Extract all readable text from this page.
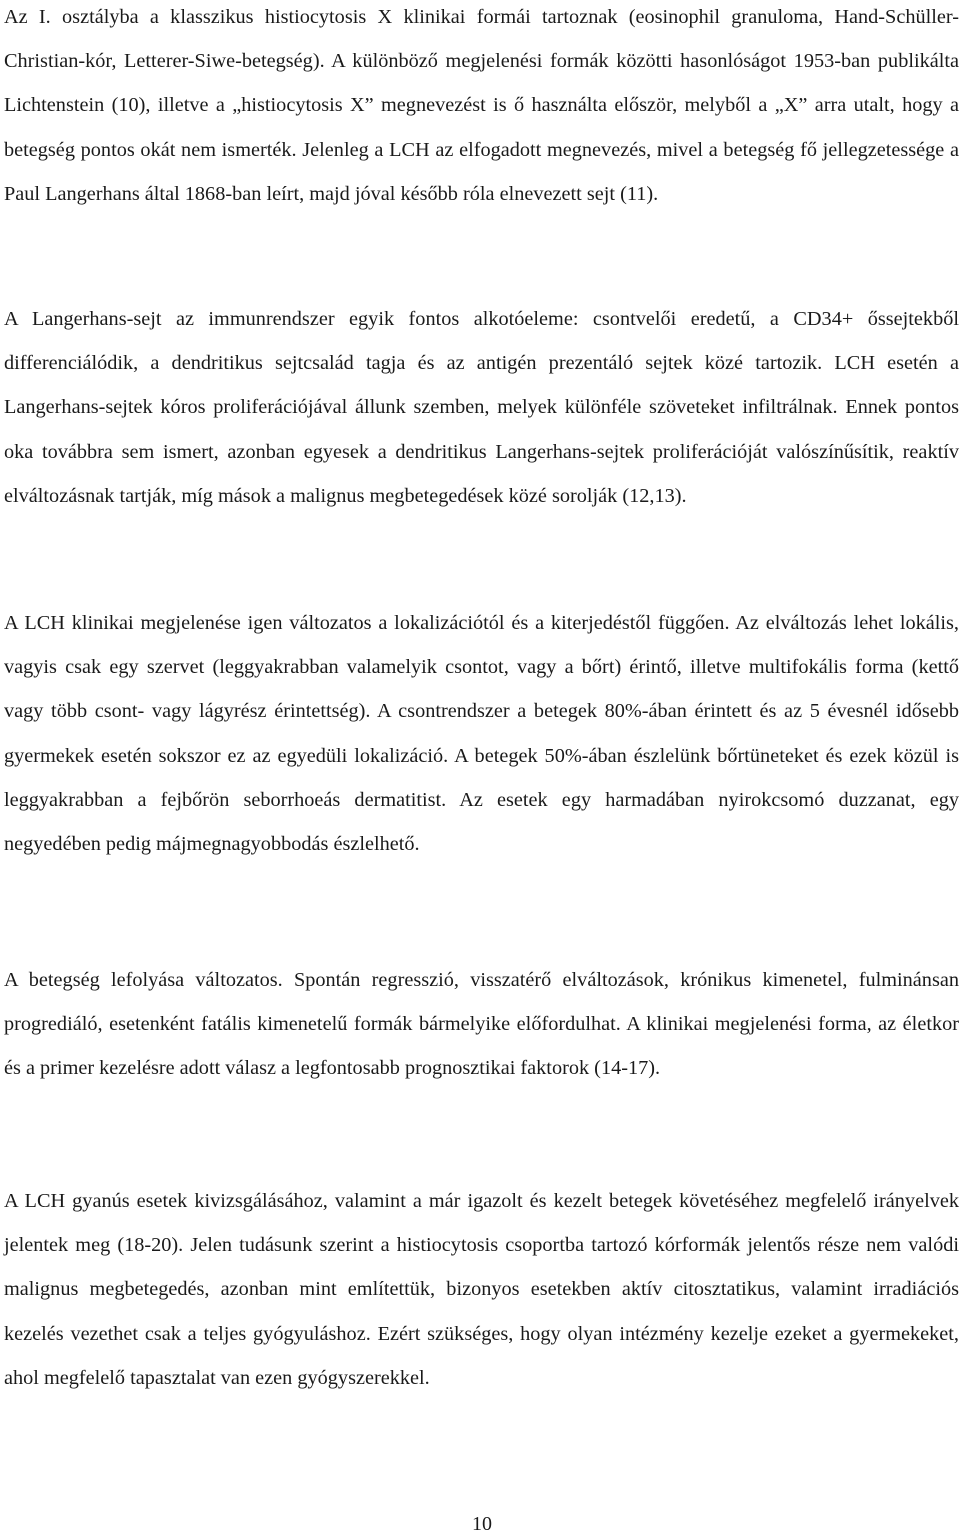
Az I. osztályba a klasszikus histiocytosis X klinikai formái tartoznak (eosinophil granuloma, Hand-Schüller-Christian-kór, Letterer-Siwe-betegség). A különböző megjelenési formák közötti hasonlóságot 1953-ban publikálta Lichtenstein (10), illetve a „histiocytosis X” megnevezést is ő használta először, melyből a „X” arra utalt, hogy a betegség pontos okát nem ismerték. Jelenleg a LCH az elfogadott megnevezés, mivel a betegség fő jellegzetessége a Paul Langerhans által 1868-ban leírt, majd jóval később róla elnevezett sejt (11).

A Langerhans-sejt az immunrendszer egyik fontos alkotóeleme: csontvelői eredetű, a CD34+ őssejtekből differenciálódik, a dendritikus sejtcsalád tagja és az antigén prezentáló sejtek közé tartozik. LCH esetén a Langerhans-sejtek kóros proliferációjával állunk szemben, melyek különféle szöveteket infiltrálnak. Ennek pontos oka továbbra sem ismert, azonban egyesek a dendritikus Langerhans-sejtek proliferációját valószínűsítik, reaktív elváltozásnak tartják, míg mások a malignus megbetegedések közé sorolják (12,13).

A LCH klinikai megjelenése igen változatos a lokalizációtól és a kiterjedéstől függően. Az elváltozás lehet lokális, vagyis csak egy szervet (leggyakrabban valamelyik csontot, vagy a bőrt) érintő, illetve multifokális forma (kettő vagy több csont- vagy lágyrész érintettség). A csontrendszer a betegek 80%-ában érintett és az 5 évesnél idősebb gyermekek esetén sokszor ez az egyedüli lokalizáció. A betegek 50%-ában észlelünk bőrtüneteket és ezek közül is leggyakrabban a fejbőrön seborrhoeás dermatitist. Az esetek egy harmadában nyirokcsomó duzzanat, egy negyedében pedig májmegnagyobbodás észlelhető.

A betegség lefolyása változatos. Spontán regresszió, visszatérő elváltozások, krónikus kimenetel, fulminánsan progrediáló, esetenként fatális kimenetelű formák bármelyike előfordulhat. A klinikai megjelenési forma, az életkor és a primer kezelésre adott válasz a legfontosabb prognosztikai faktorok (14-17).

A LCH gyanús esetek kivizsgálásához, valamint a már igazolt és kezelt betegek követéséhez megfelelő irányelvek jelentek meg (18-20). Jelen tudásunk szerint a histiocytosis csoportba tartozó kórformák jelentős része nem valódi malignus megbetegedés, azonban mint említettük, bizonyos esetekben aktív citosztatikus, valamint irradiációs kezelés vezethet csak a teljes gyógyuláshoz. Ezért szükséges, hogy olyan intézmény kezelje ezeket a gyermekeket, ahol megfelelő tapasztalat van ezen gyógyszerekkel.

10
